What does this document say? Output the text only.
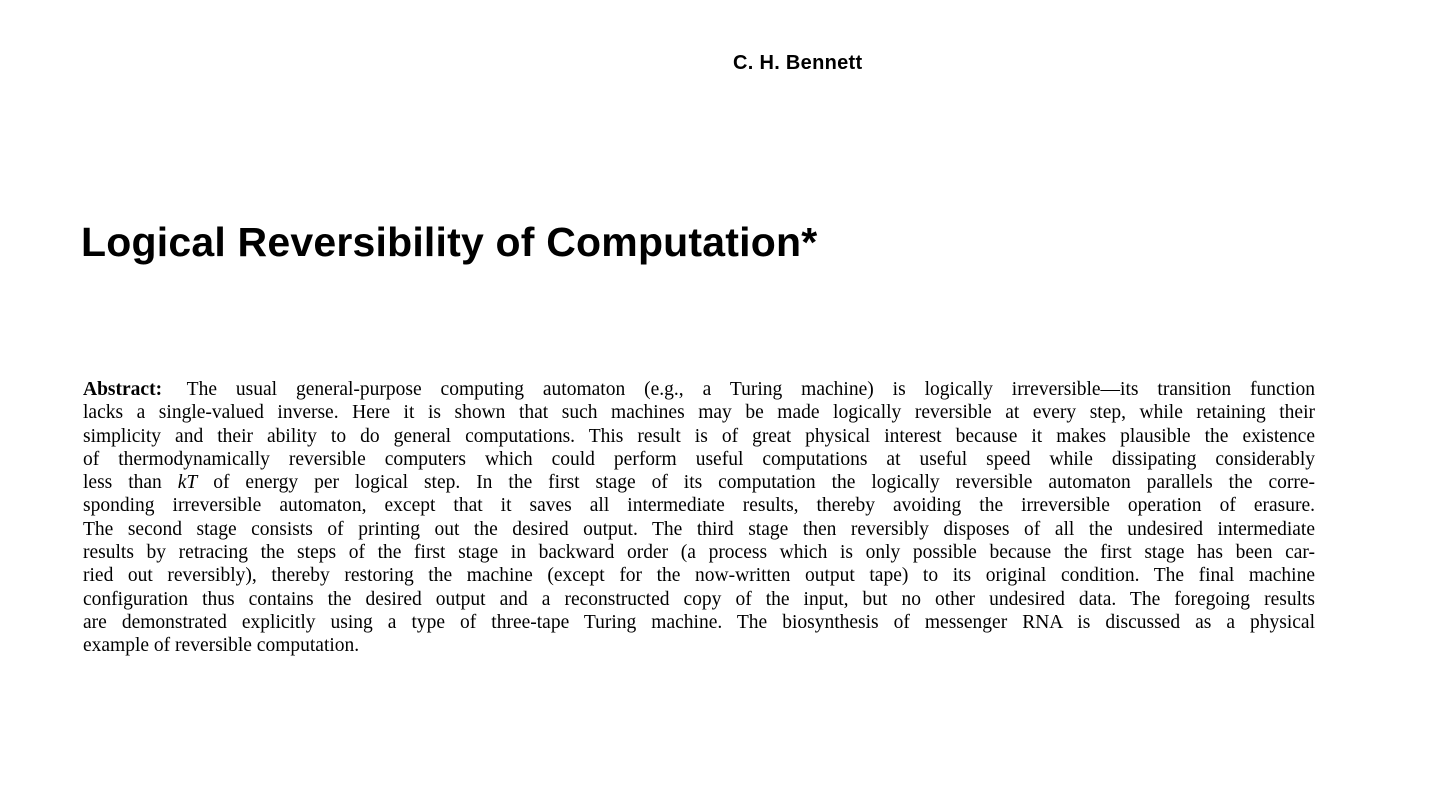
C. H. Bennett
Logical Reversibility of Computation*
Abstract: The usual general-purpose computing automaton (e.g., a Turing machine) is logically irreversible—its transition function
lacks a single-valued inverse. Here it is shown that such machines may be made logically reversible at every step, while retaining their
simplicity and their ability to do general computations. This result is of great physical interest because it makes plausible the existence
of thermodynamically reversible computers which could perform useful computations at useful speed while dissipating considerably
less than kT of energy per logical step. In the first stage of its computation the logically reversible automaton parallels the corre-
sponding irreversible automaton, except that it saves all intermediate results, thereby avoiding the irreversible operation of erasure.
The second stage consists of printing out the desired output. The third stage then reversibly disposes of all the undesired intermediate
results by retracing the steps of the first stage in backward order (a process which is only possible because the first stage has been car-
ried out reversibly), thereby restoring the machine (except for the now-written output tape) to its original condition. The final machine
configuration thus contains the desired output and a reconstructed copy of the input, but no other undesired data. The foregoing results
are demonstrated explicitly using a type of three-tape Turing machine. The biosynthesis of messenger RNA is discussed as a physical
example of reversible computation.
